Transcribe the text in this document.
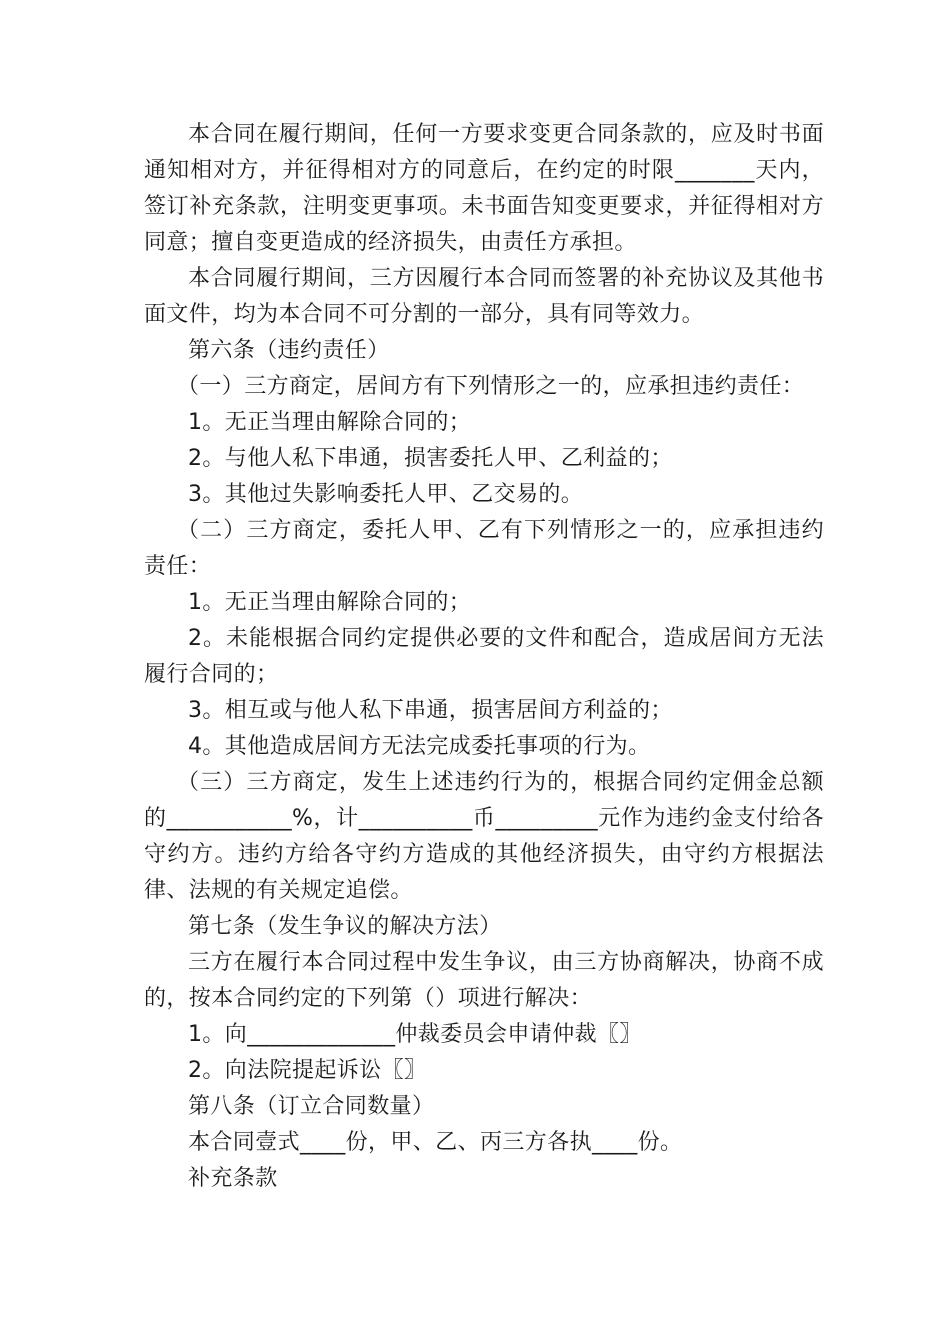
本合同在履行期间，任何一方要求变更合同条款的，应及时书面通知相对方，并征得相对方的同意后，在约定的时限_______天内，签订补充条款，注明变更事项。未书面告知变更要求，并征得相对方同意；擅自变更造成的经济损失，由责任方承担。

本合同履行期间，三方因履行本合同而签署的补充协议及其他书面文件，均为本合同不可分割的一部分，具有同等效力。

第六条（违约责任）

（一）三方商定，居间方有下列情形之一的，应承担违约责任：

1。无正当理由解除合同的；

2。与他人私下串通，损害委托人甲、乙利益的；

3。其他过失影响委托人甲、乙交易的。

（二）三方商定，委托人甲、乙有下列情形之一的，应承担违约责任：

1。无正当理由解除合同的；

2。未能根据合同约定提供必要的文件和配合，造成居间方无法履行合同的；

3。相互或与他人私下串通，损害居间方利益的；

4。其他造成居间方无法完成委托事项的行为。

（三）三方商定，发生上述违约行为的，根据合同约定佣金总额的___________%，计__________币_________元作为违约金支付给各守约方。违约方给各守约方造成的其他经济损失，由守约方根据法律、法规的有关规定追偿。

第七条（发生争议的解决方法）

三方在履行本合同过程中发生争议，由三方协商解决，协商不成的，按本合同约定的下列第（）项进行解决：

1。向_____________仲裁委员会申请仲裁〖〗

2。向法院提起诉讼〖〗

第八条（订立合同数量）

本合同壹式____份，甲、乙、丙三方各执____份。

补充条款
